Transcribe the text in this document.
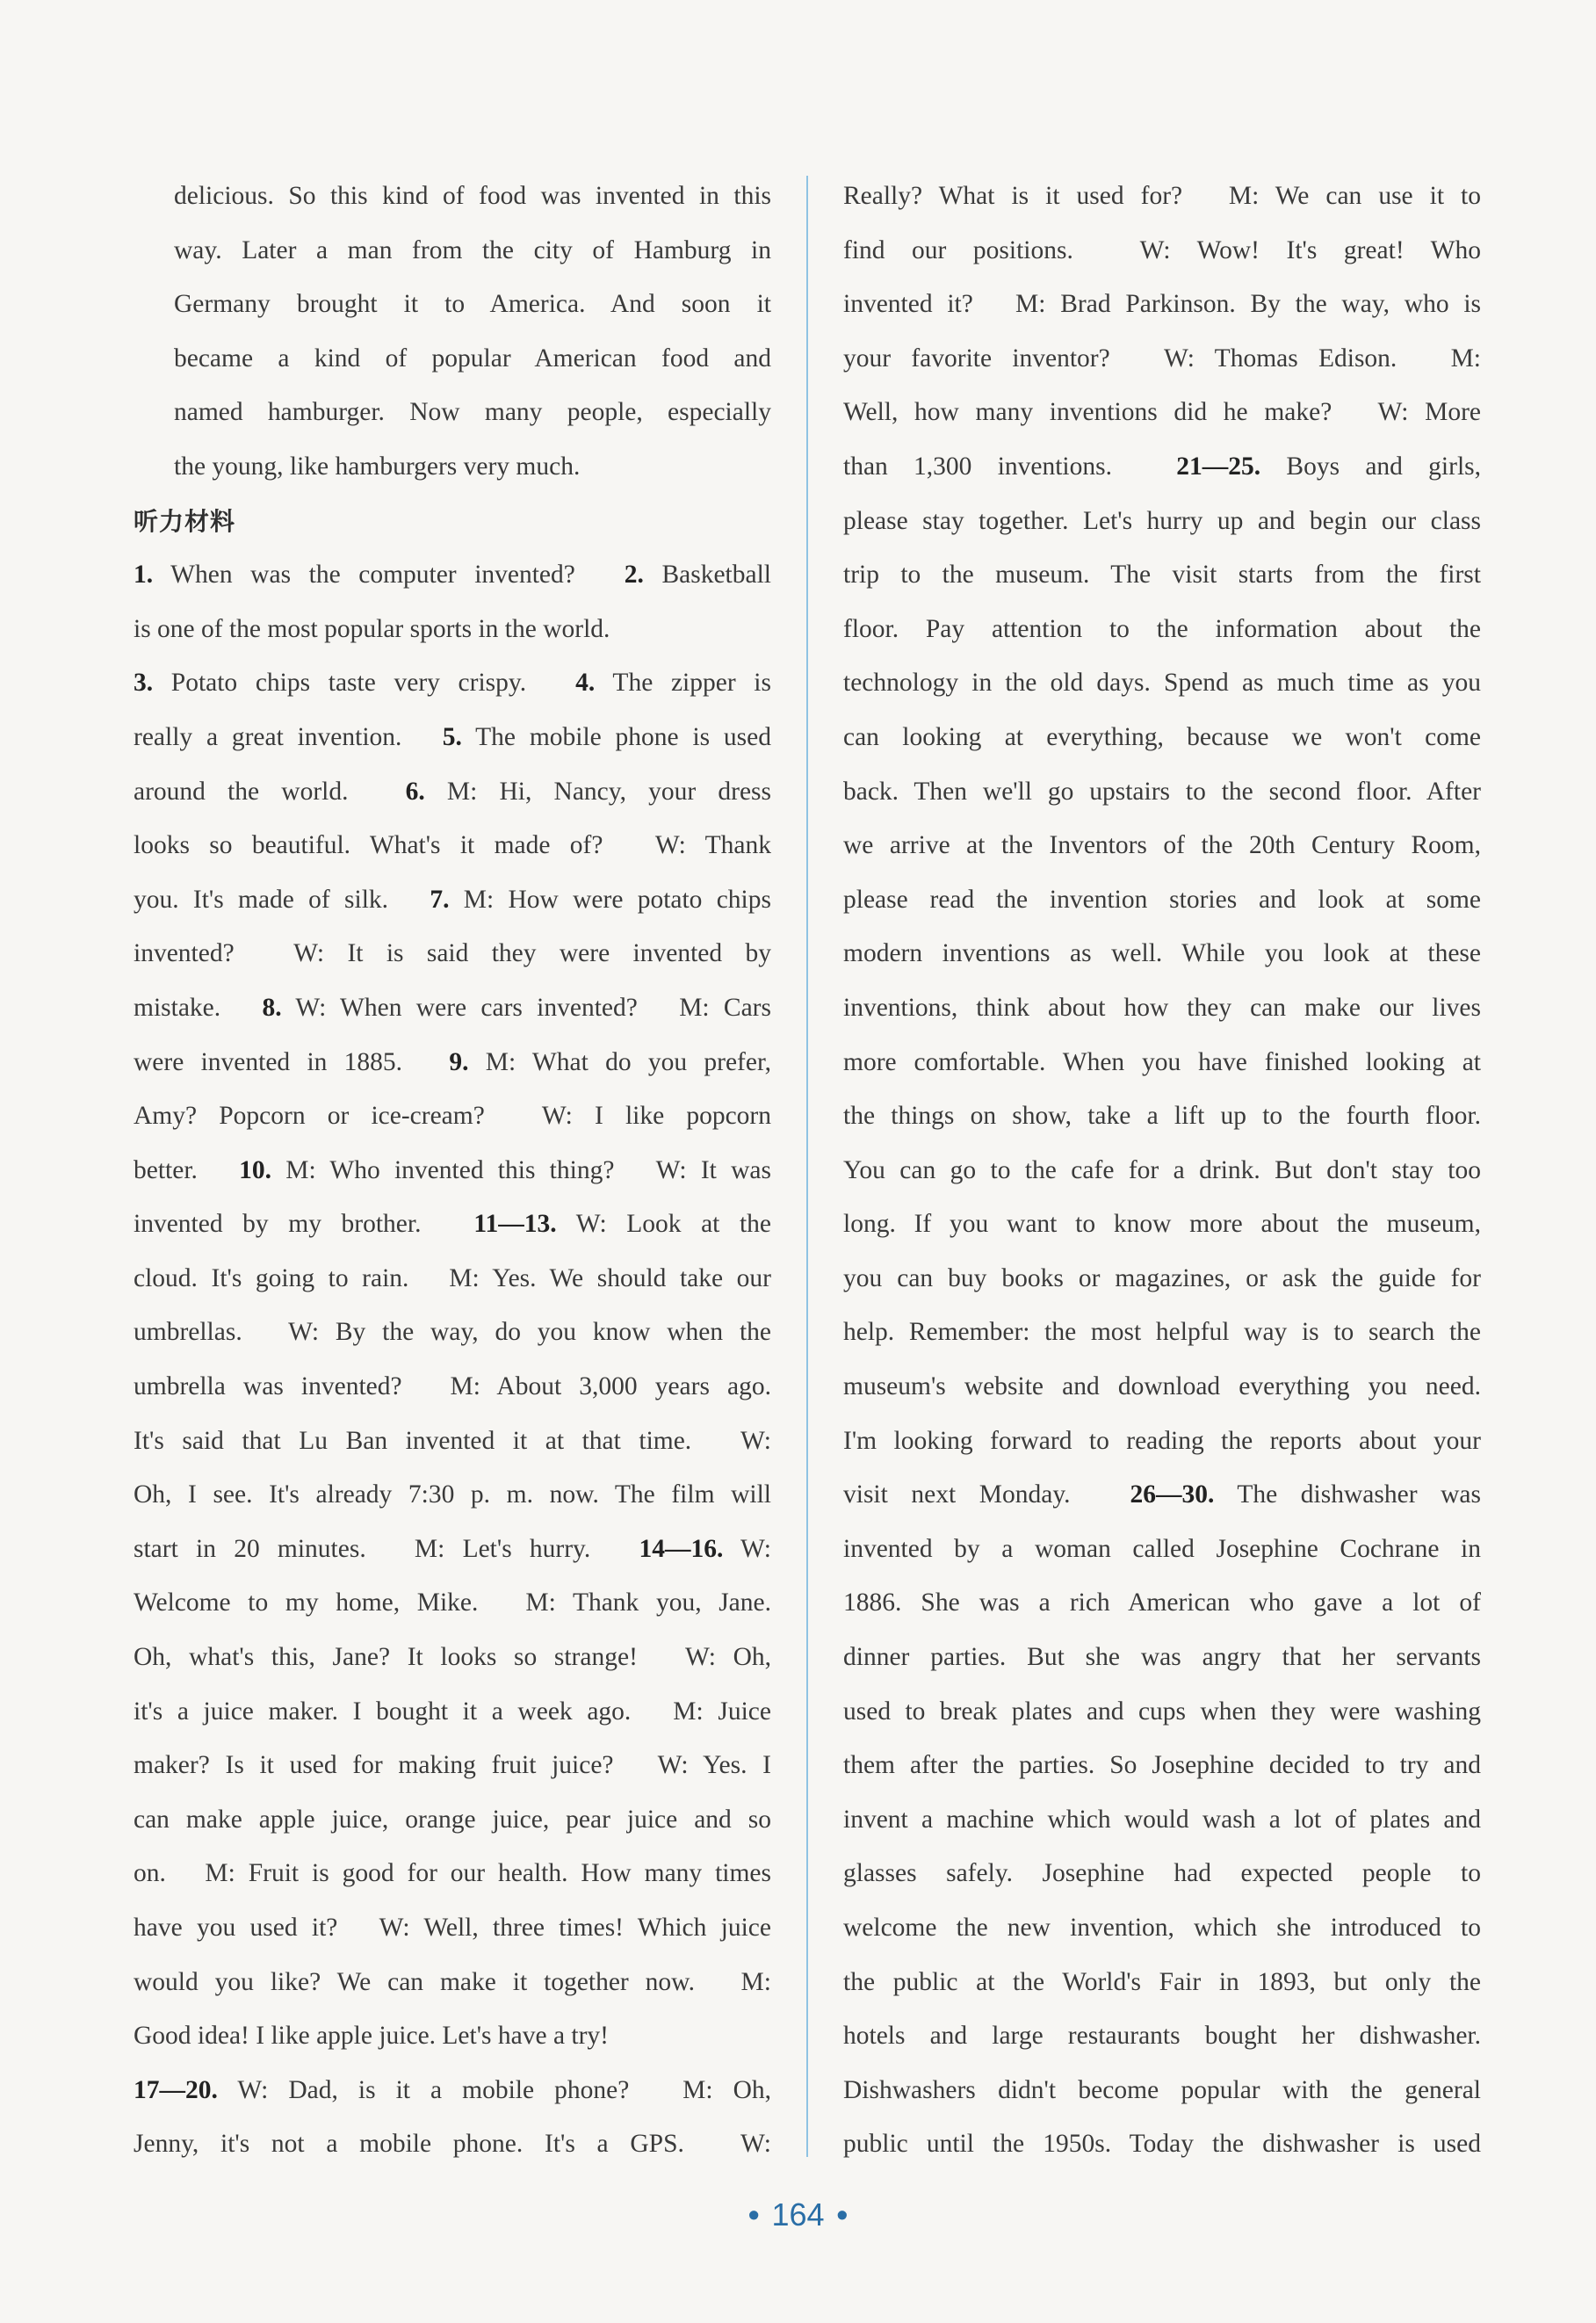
delicious. So this kind of food was invented in this

way. Later a man from the city of Hamburg in

Germany brought it to America. And soon it

became a kind of popular American food and

named hamburger. Now many people, especially

the young, like hamburgers very much.

听力材料

1. When was the computer invented?　2. Basketball

is one of the most popular sports in the world.

3. Potato chips taste very crispy.　4. The zipper is

really a great invention.　5. The mobile phone is used

around the world.　6. M: Hi, Nancy, your dress

looks so beautiful. What's it made of?　W: Thank

you. It's made of silk.　7. M: How were potato chips

invented?　W: It is said they were invented by

mistake.　8. W: When were cars invented?　M: Cars

were invented in 1885.　9. M: What do you prefer,

Amy? Popcorn or ice-cream?　W: I like popcorn

better.　10. M: Who invented this thing?　W: It was

invented by my brother.　11—13. W: Look at the

cloud. It's going to rain.　M: Yes. We should take our

umbrellas.　W: By the way, do you know when the

umbrella was invented?　M: About 3,000 years ago.

It's said that Lu Ban invented it at that time.　W:

Oh, I see. It's already 7:30 p. m. now. The film will

start in 20 minutes.　M: Let's hurry.　14—16. W:

Welcome to my home, Mike.　M: Thank you, Jane.

Oh, what's this, Jane? It looks so strange!　W: Oh,

it's a juice maker. I bought it a week ago.　M: Juice

maker? Is it used for making fruit juice?　W: Yes. I

can make apple juice, orange juice, pear juice and so

on.　M: Fruit is good for our health. How many times

have you used it?　W: Well, three times! Which juice

would you like? We can make it together now.　M:

Good idea! I like apple juice. Let's have a try!

17—20. W: Dad, is it a mobile phone?　M: Oh,

Jenny, it's not a mobile phone. It's a GPS.　W:

Really? What is it used for?　M: We can use it to

find our positions.　W: Wow! It's great! Who

invented it?　M: Brad Parkinson. By the way, who is

your favorite inventor?　W: Thomas Edison.　M:

Well, how many inventions did he make?　W: More

than 1,300 inventions.　21—25. Boys and girls,

please stay together. Let's hurry up and begin our class

trip to the museum. The visit starts from the first

floor. Pay attention to the information about the

technology in the old days. Spend as much time as you

can looking at everything, because we won't come

back. Then we'll go upstairs to the second floor. After

we arrive at the Inventors of the 20th Century Room,

please read the invention stories and look at some

modern inventions as well. While you look at these

inventions, think about how they can make our lives

more comfortable. When you have finished looking at

the things on show, take a lift up to the fourth floor.

You can go to the cafe for a drink. But don't stay too

long. If you want to know more about the museum,

you can buy books or magazines, or ask the guide for

help. Remember: the most helpful way is to search the

museum's website and download everything you need.

I'm looking forward to reading the reports about your

visit next Monday.　26—30. The dishwasher was

invented by a woman called Josephine Cochrane in

1886. She was a rich American who gave a lot of

dinner parties. But she was angry that her servants

used to break plates and cups when they were washing

them after the parties. So Josephine decided to try and

invent a machine which would wash a lot of plates and

glasses safely. Josephine had expected people to

welcome the new invention, which she introduced to

the public at the World's Fair in 1893, but only the

hotels and large restaurants bought her dishwasher.

Dishwashers didn't become popular with the general

public until the 1950s. Today the dishwasher is used

• 164 •
